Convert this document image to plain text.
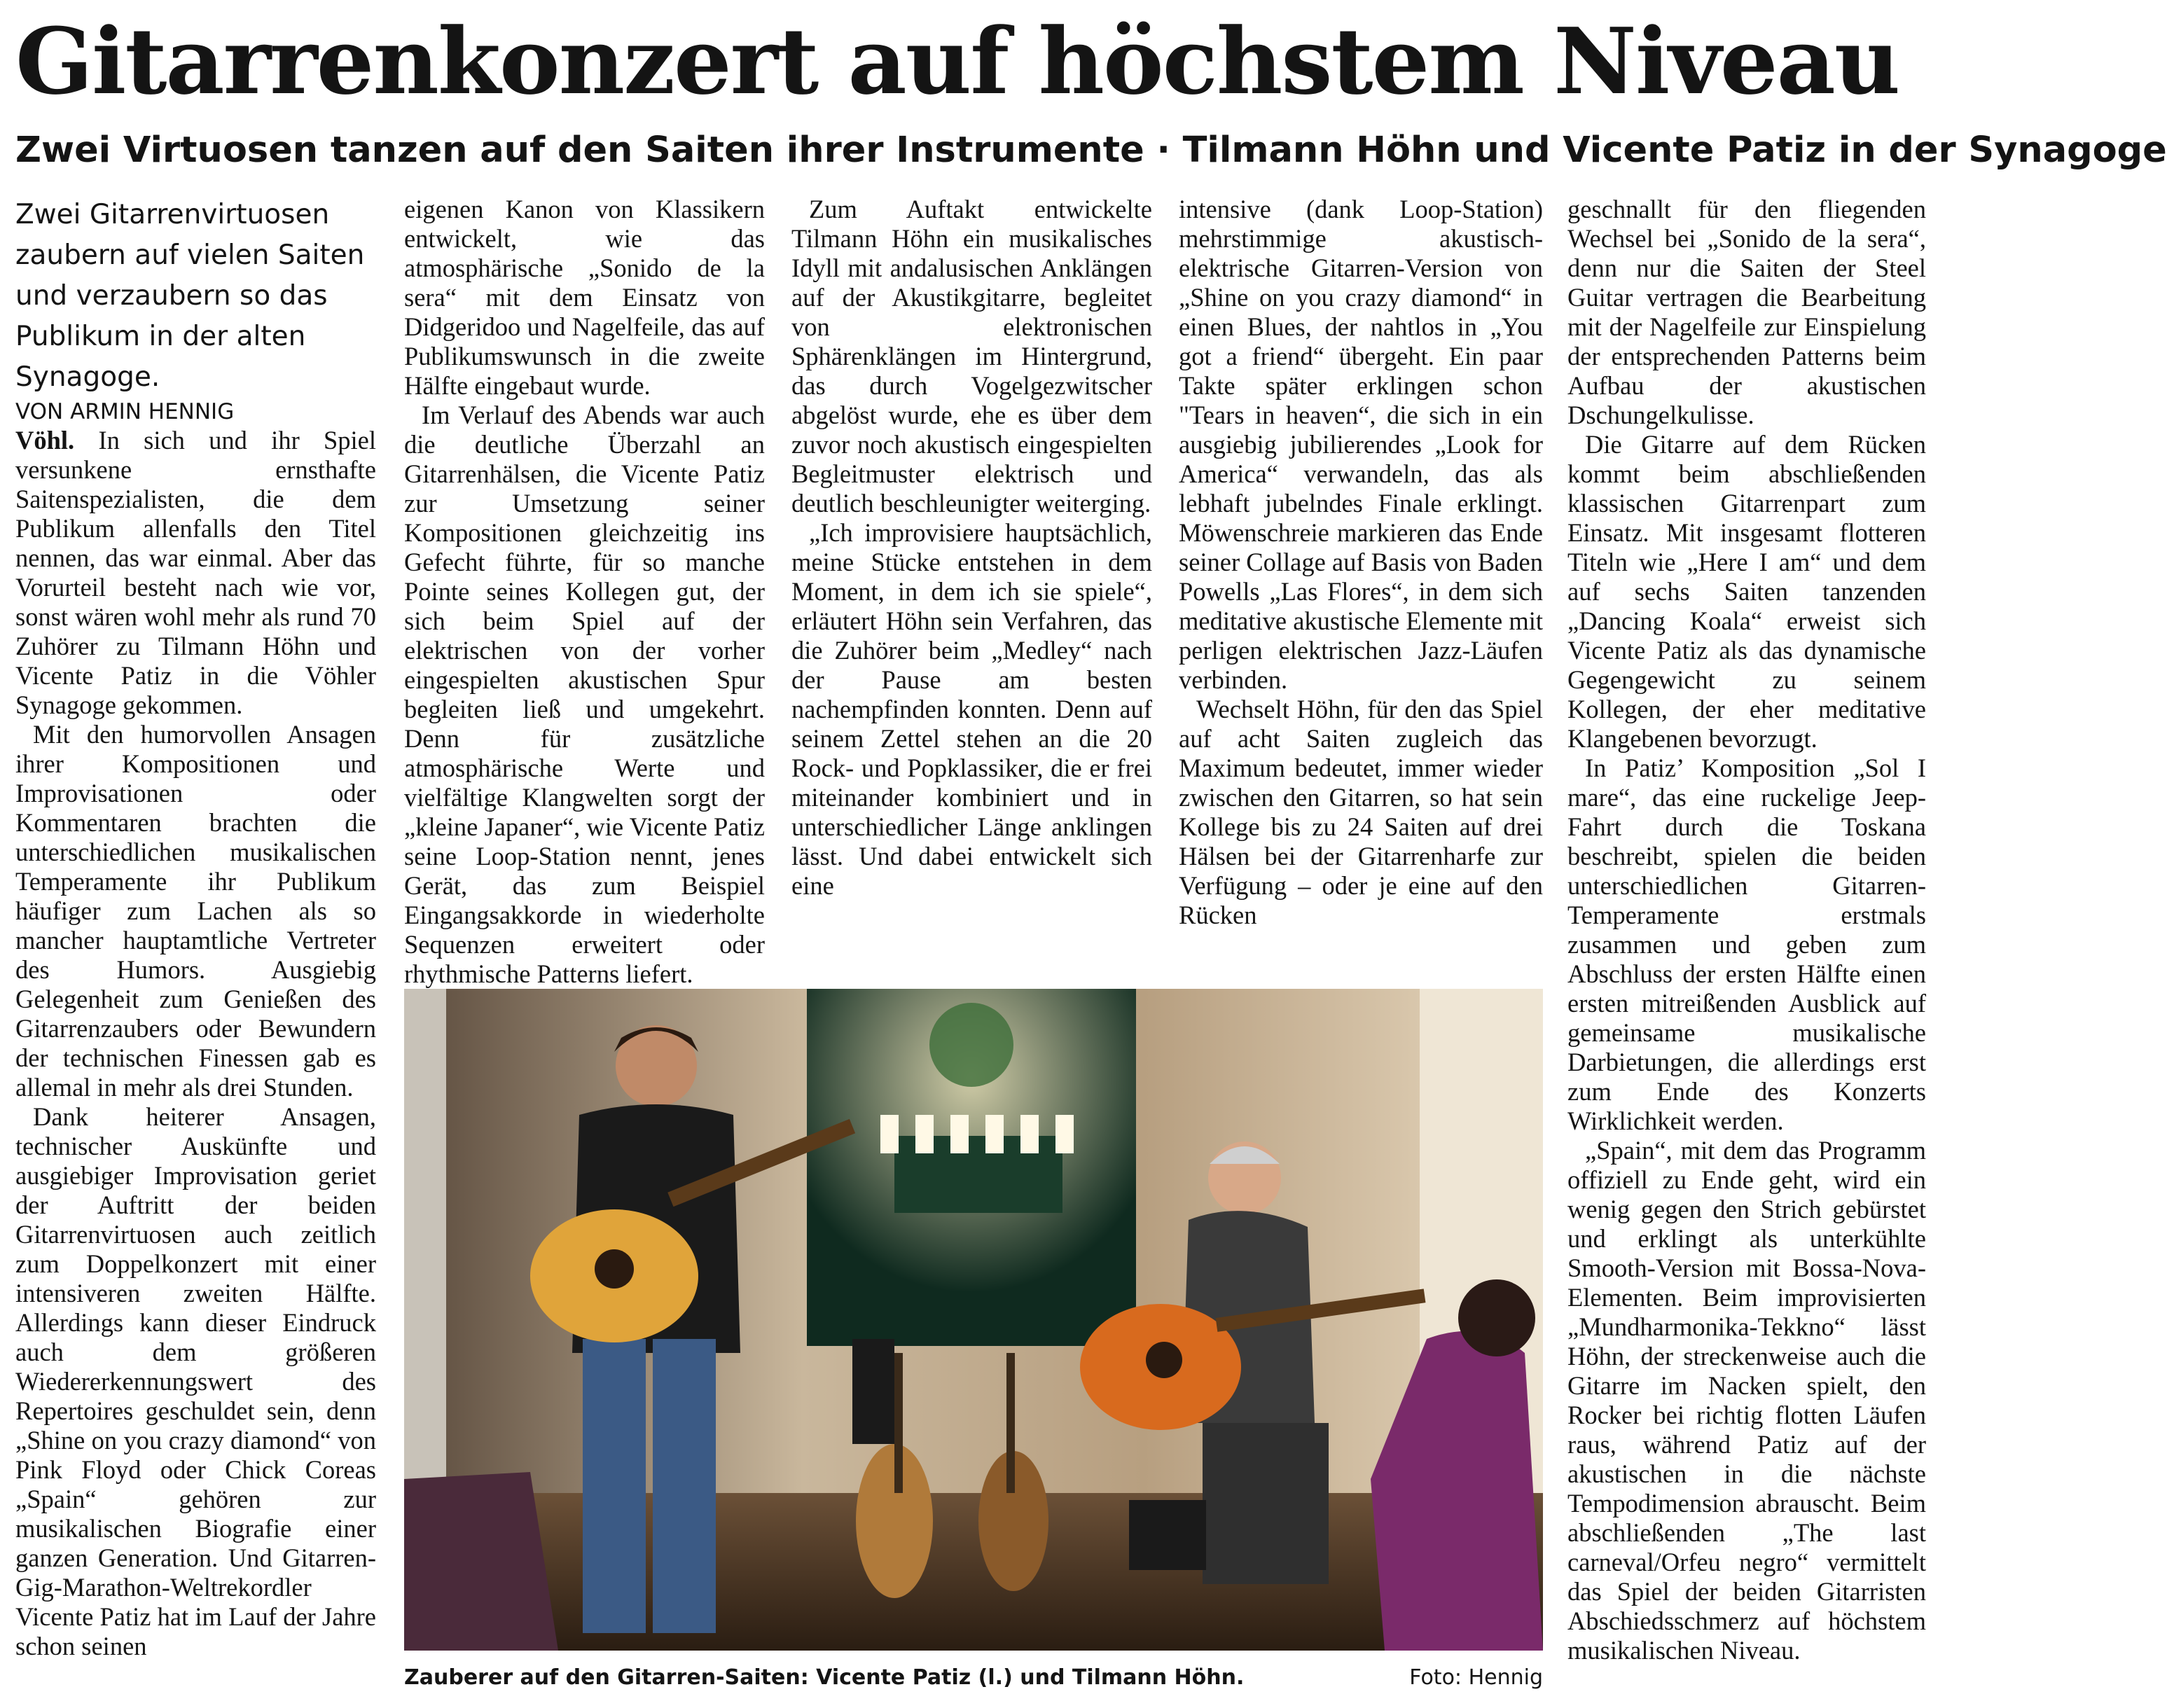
Gitarrenkonzert auf höchstem Niveau
Zwei Virtuosen tanzen auf den Saiten ihrer Instrumente · Tilmann Höhn und Vicente Patiz in der Synagoge

Zwei Gitarrenvirtuosen zaubern auf vielen Saiten und verzaubern so das Publikum in der alten Synagoge.

VON ARMIN HENNIG

Vöhl. In sich und ihr Spiel versunkene ernsthafte Saitenspezialisten, die dem Publikum allenfalls den Titel nennen, das war einmal. Aber das Vorurteil besteht nach wie vor, sonst wären wohl mehr als rund 70 Zuhörer zu Tilmann Höhn und Vicente Patiz in die Vöhler Synagoge gekommen.

Mit den humorvollen Ansagen ihrer Kompositionen und Improvisationen oder Kommentaren brachten die unterschiedlichen musikalischen Temperamente ihr Publikum häufiger zum Lachen als so mancher hauptamtliche Vertreter des Humors. Ausgiebig Gelegenheit zum Genießen des Gitarrenzaubers oder Bewundern der technischen Finessen gab es allemal in mehr als drei Stunden.

Dank heiterer Ansagen, technischer Auskünfte und ausgiebiger Improvisation geriet der Auftritt der beiden Gitarrenvirtuosen auch zeitlich zum Doppelkonzert mit einer intensiveren zweiten Hälfte. Allerdings kann dieser Eindruck auch dem größeren Wiedererkennungswert des Repertoires geschuldet sein, denn „Shine on you crazy diamond“ von Pink Floyd oder Chick Coreas „Spain“ gehören zur musikalischen Biografie einer ganzen Generation. Und Gitarren-Gig-Marathon-Weltrekordler Vicente Patiz hat im Lauf der Jahre schon seinen

eigenen Kanon von Klassikern entwickelt, wie das atmosphärische „Sonido de la sera“ mit dem Einsatz von Didgeridoo und Nagelfeile, das auf Publikumswunsch in die zweite Hälfte eingebaut wurde.

Im Verlauf des Abends war auch die deutliche Überzahl an Gitarrenhälsen, die Vicente Patiz zur Umsetzung seiner Kompositionen gleichzeitig ins Gefecht führte, für so manche Pointe seines Kollegen gut, der sich beim Spiel auf der elektrischen von der vorher eingespielten akustischen Spur begleiten ließ und umgekehrt. Denn für zusätzliche atmosphärische Werte und vielfältige Klangwelten sorgt der „kleine Japaner“, wie Vicente Patiz seine Loop-Station nennt, jenes Gerät, das zum Beispiel Eingangsakkorde in wiederholte Sequenzen erweitert oder rhythmische Patterns liefert.

Zum Auftakt entwickelte Tilmann Höhn ein musikalisches Idyll mit andalusischen Anklängen auf der Akustikgitarre, begleitet von elektronischen Sphärenklängen im Hintergrund, das durch Vogelgezwitscher abgelöst wurde, ehe es über dem zuvor noch akustisch eingespielten Begleitmuster elektrisch und deutlich beschleunigter weiterging.

„Ich improvisiere hauptsächlich, meine Stücke entstehen in dem Moment, in dem ich sie spiele“, erläutert Höhn sein Verfahren, das die Zuhörer beim „Medley“ nach der Pause am besten nachempfinden konnten. Denn auf seinem Zettel stehen an die 20 Rock- und Popklassiker, die er frei miteinander kombiniert und in unterschiedlicher Länge anklingen lässt. Und dabei entwickelt sich eine

intensive (dank Loop-Station) mehrstimmige akustisch-elektrische Gitarren-Version von „Shine on you crazy diamond“ in einen Blues, der nahtlos in „You got a friend“ übergeht. Ein paar Takte später erklingen schon "Tears in heaven“, die sich in ein ausgiebig jubilierendes „Look for America“ verwandeln, das als lebhaft jubelndes Finale erklingt. Möwenschreie markieren das Ende seiner Collage auf Basis von Baden Powells „Las Flores“, in dem sich meditative akustische Elemente mit perligen elektrischen Jazz-Läufen verbinden.

Wechselt Höhn, für den das Spiel auf acht Saiten zugleich das Maximum bedeutet, immer wieder zwischen den Gitarren, so hat sein Kollege bis zu 24 Saiten auf drei Hälsen bei der Gitarrenharfe zur Verfügung – oder je eine auf den Rücken

geschnallt für den fliegenden Wechsel bei „Sonido de la sera“, denn nur die Saiten der Steel Guitar vertragen die Bearbeitung mit der Nagelfeile zur Einspielung der entsprechenden Patterns beim Aufbau der akustischen Dschungelkulisse.

Die Gitarre auf dem Rücken kommt beim abschließenden klassischen Gitarrenpart zum Einsatz. Mit insgesamt flotteren Titeln wie „Here I am“ und dem auf sechs Saiten tanzenden „Dancing Koala“ erweist sich Vicente Patiz als das dynamische Gegengewicht zu seinem Kollegen, der eher meditative Klangebenen bevorzugt.

In Patiz’ Komposition „Sol I mare“, das eine ruckelige Jeep-Fahrt durch die Toskana beschreibt, spielen die beiden unterschiedlichen Gitarren-Temperamente erstmals zusammen und geben zum Abschluss der ersten Hälfte einen ersten mitreißenden Ausblick auf gemeinsame musikalische Darbietungen, die allerdings erst zum Ende des Konzerts Wirklichkeit werden.

„Spain“, mit dem das Programm offiziell zu Ende geht, wird ein wenig gegen den Strich gebürstet und erklingt als unterkühlte Smooth-Version mit Bossa-Nova-Elementen. Beim improvisierten „Mundharmonika-Tekkno“ lässt Höhn, der streckenweise auch die Gitarre im Nacken spielt, den Rocker bei richtig flotten Läufen raus, während Patiz auf der akustischen in die nächste Tempodimension abrauscht. Beim abschließenden „The last carneval/Orfeu negro“ vermittelt das Spiel der beiden Gitarristen Abschiedsschmerz auf höchstem musikalischen Niveau.

Zauberer auf den Gitarren-Saiten: Vicente Patiz (l.) und Tilmann Höhn.	Foto: Hennig
